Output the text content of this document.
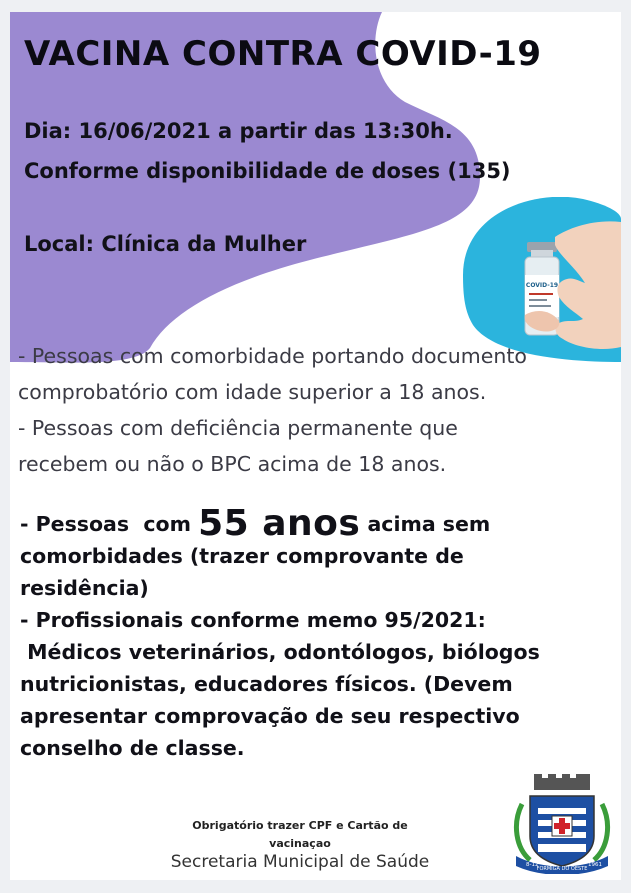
COVID-19
VACINA CONTRA COVID-19

Dia: 16/06/2021 a partir das 13:30h.

Conforme disponibilidade de doses (135)

Local: Clínica da Mulher

- Pessoas com comorbidade portando documento
comprobatório com idade superior a 18 anos.
- Pessoas com deficiência permanente que
recebem ou não o BPC acima de 18 anos.
- Pessoas  com 55 anos acima sem
comorbidades (trazer comprovante de
residência)
- Profissionais conforme memo 95/2021:
Médicos veterinários, odontólogos, biólogos
nutricionistas, educadores físicos. (Devem
apresentar comprovação de seu respectivo
conselho de classe.
Obrigatório trazer CPF e Cartão de
vacinaçao

Secretaria Municipal de Saúde	8-12
FORMIGA DO OESTE
1961
